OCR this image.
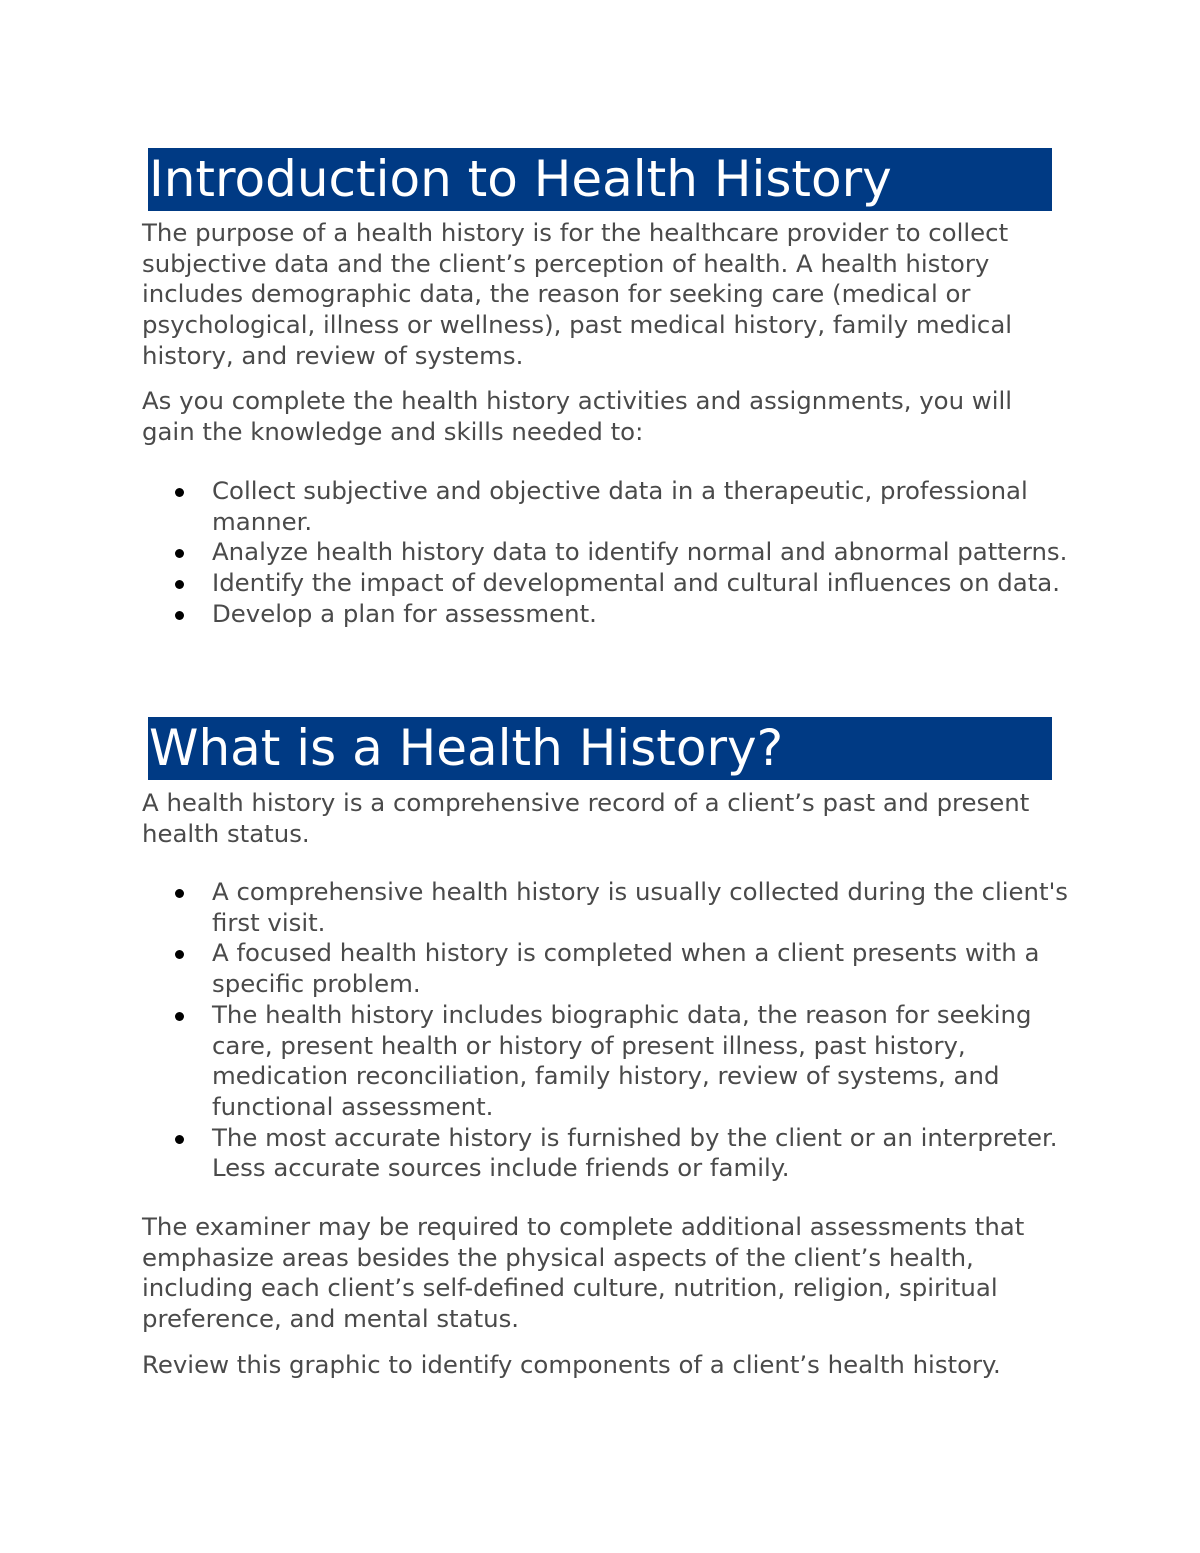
Introduction to Health History

The purpose of a health history is for the healthcare provider to collect subjective data and the client’s perception of health. A health history includes demographic data, the reason for seeking care (medical or psychological, illness or wellness), past medical history, family medical history, and review of systems.

As you complete the health history activities and assignments, you will gain the knowledge and skills needed to:

Collect subjective and objective data in a therapeutic, professional manner.
Analyze health history data to identify normal and abnormal patterns.
Identify the impact of developmental and cultural influences on data.
Develop a plan for assessment.
What is a Health History?

A health history is a comprehensive record of a client’s past and present health status.

A comprehensive health history is usually collected during the client's first visit.
A focused health history is completed when a client presents with a specific problem.
The health history includes biographic data, the reason for seeking care, present health or history of present illness, past history, medication reconciliation, family history, review of systems, and functional assessment.
The most accurate history is furnished by the client or an interpreter. Less accurate sources include friends or family.

The examiner may be required to complete additional assessments that emphasize areas besides the physical aspects of the client’s health, including each client’s self-defined culture, nutrition, religion, spiritual preference, and mental status.

Review this graphic to identify components of a client’s health history.
